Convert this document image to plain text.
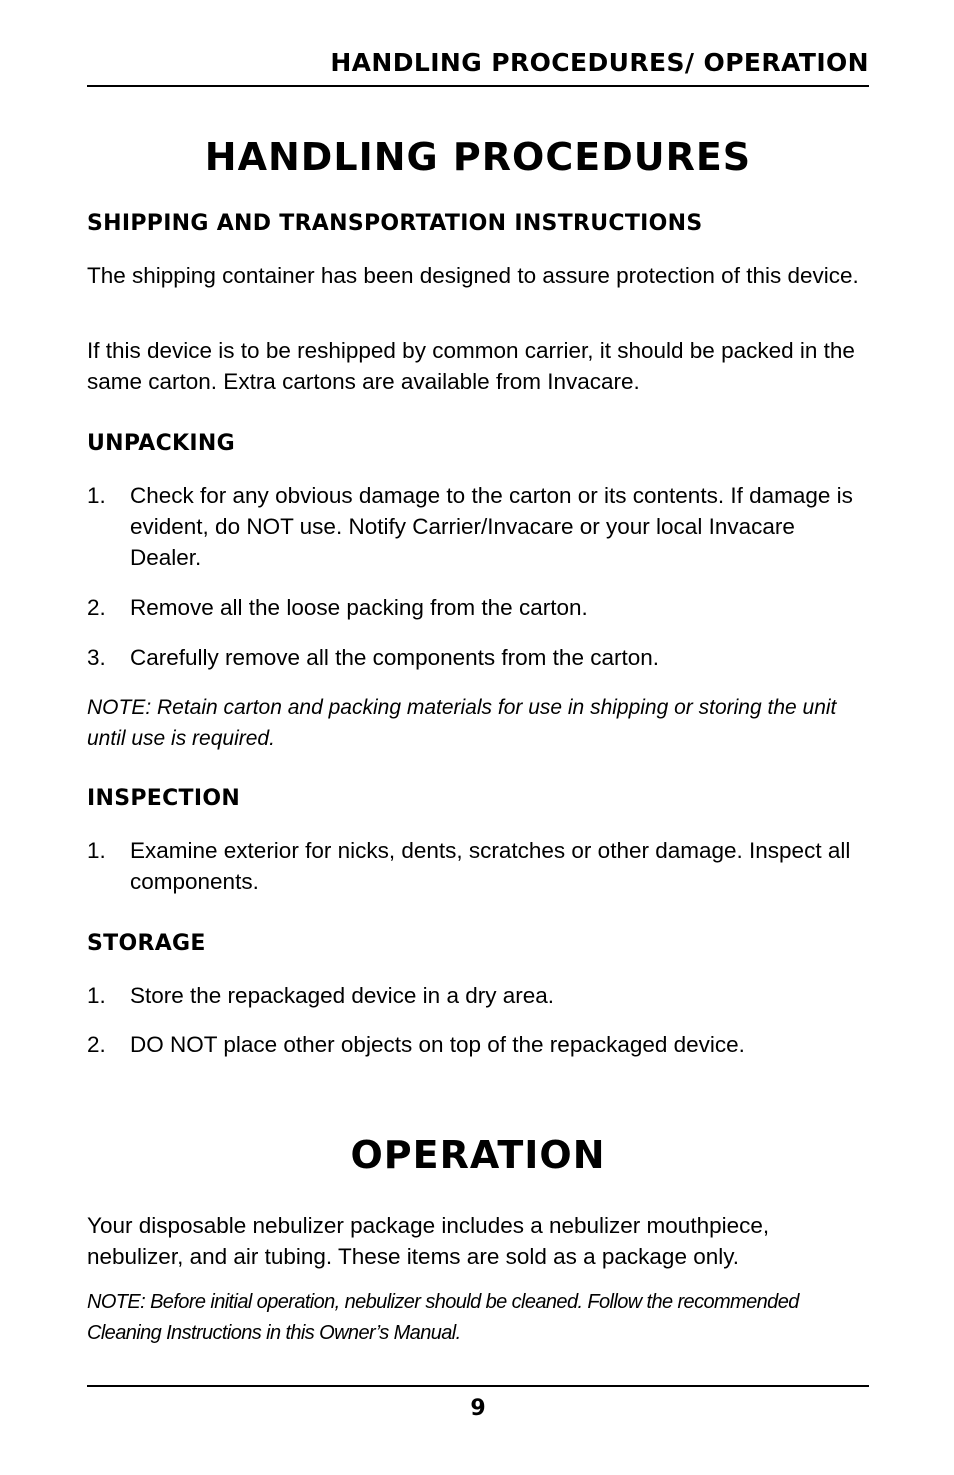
HANDLING PROCEDURES/ OPERATION
HANDLING PROCEDURES
SHIPPING AND TRANSPORTATION INSTRUCTIONS

The shipping container has been designed to assure protection of this device.

If this device is to be reshipped by common carrier, it should be packed in the same carton. Extra cartons are available from Invacare.

UNPACKING
1. Check for any obvious damage to the carton or its contents. If damage is evident, do NOT use. Notify Carrier/Invacare or your local Invacare Dealer.
2. Remove all the loose packing from the carton.
3. Carefully remove all the components from the carton.

NOTE: Retain carton and packing materials for use in shipping or storing the unit until use is required.

INSPECTION
1. Examine exterior for nicks, dents, scratches or other damage. Inspect all components.
STORAGE
1. Store the repackaged device in a dry area.
2. DO NOT place other objects on top of the repackaged device.
OPERATION

Your disposable nebulizer package includes a nebulizer mouthpiece, nebulizer, and air tubing. These items are sold as a package only.

NOTE: Before initial operation, nebulizer should be cleaned. Follow the recommended Cleaning Instructions in this Owner’s Manual.

9
